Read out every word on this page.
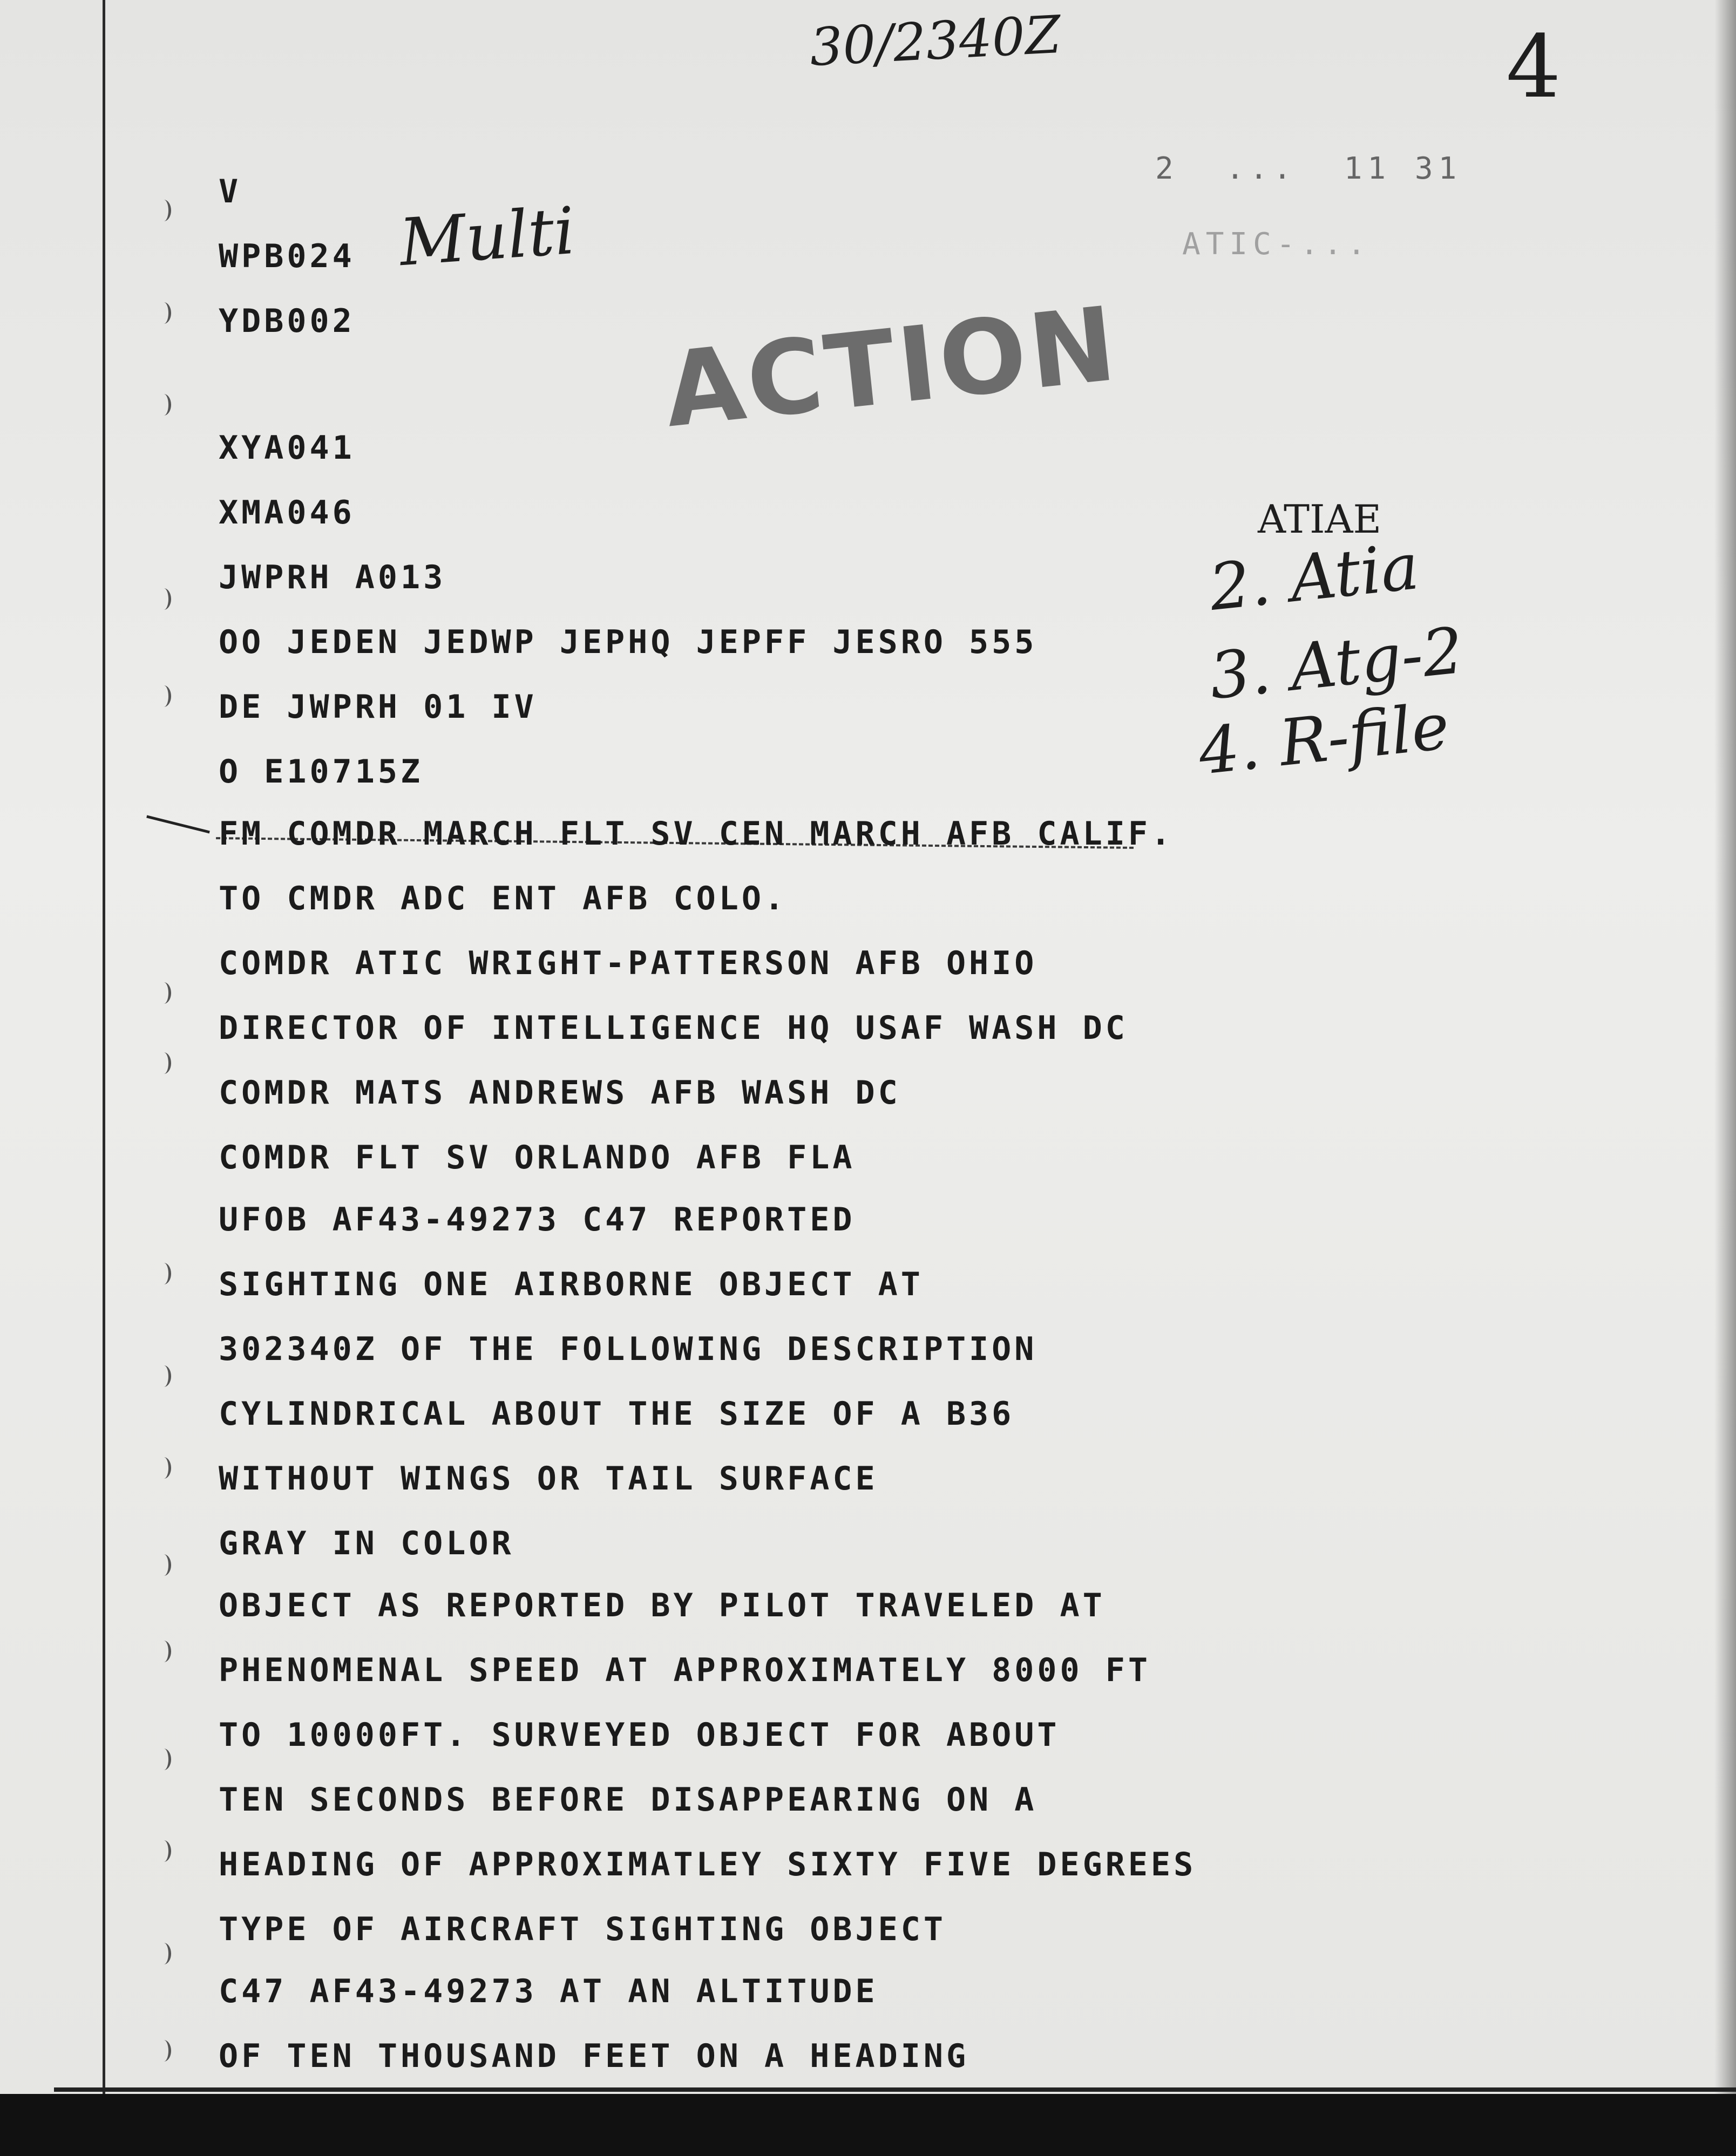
30/2340Z	4
2  ...  11 31
ATIC-...
Multi
ACTION
ATIAE
2. Atia
3. Atg-2
4. R-file
V
WPB024
YDB002
XYA041
XMA046
JWPRH A013
OO JEDEN JEDWP JEPHQ JEPFF JESRO 555
DE JWPRH 01 IV
O E10715Z
FM COMDR MARCH FLT SV CEN MARCH AFB CALIF.
TO CMDR ADC ENT AFB COLO.
COMDR ATIC WRIGHT-PATTERSON AFB OHIO
DIRECTOR OF INTELLIGENCE HQ USAF WASH DC
COMDR MATS ANDREWS AFB WASH DC
COMDR FLT SV ORLANDO AFB FLA
UFOB AF43-49273 C47 REPORTED
SIGHTING ONE AIRBORNE OBJECT AT
302340Z OF THE FOLLOWING DESCRIPTION
CYLINDRICAL ABOUT THE SIZE OF A B36
WITHOUT WINGS OR TAIL SURFACE
GRAY IN COLOR
OBJECT AS REPORTED BY PILOT TRAVELED AT
PHENOMENAL SPEED AT APPROXIMATELY 8000 FT
TO 10000FT. SURVEYED OBJECT FOR ABOUT
TEN SECONDS BEFORE DISAPPEARING ON A
HEADING OF APPROXIMATLEY SIXTY FIVE DEGREES
TYPE OF AIRCRAFT SIGHTING OBJECT
C47 AF43-49273 AT AN ALTITUDE
OF TEN THOUSAND FEET ON A HEADING
